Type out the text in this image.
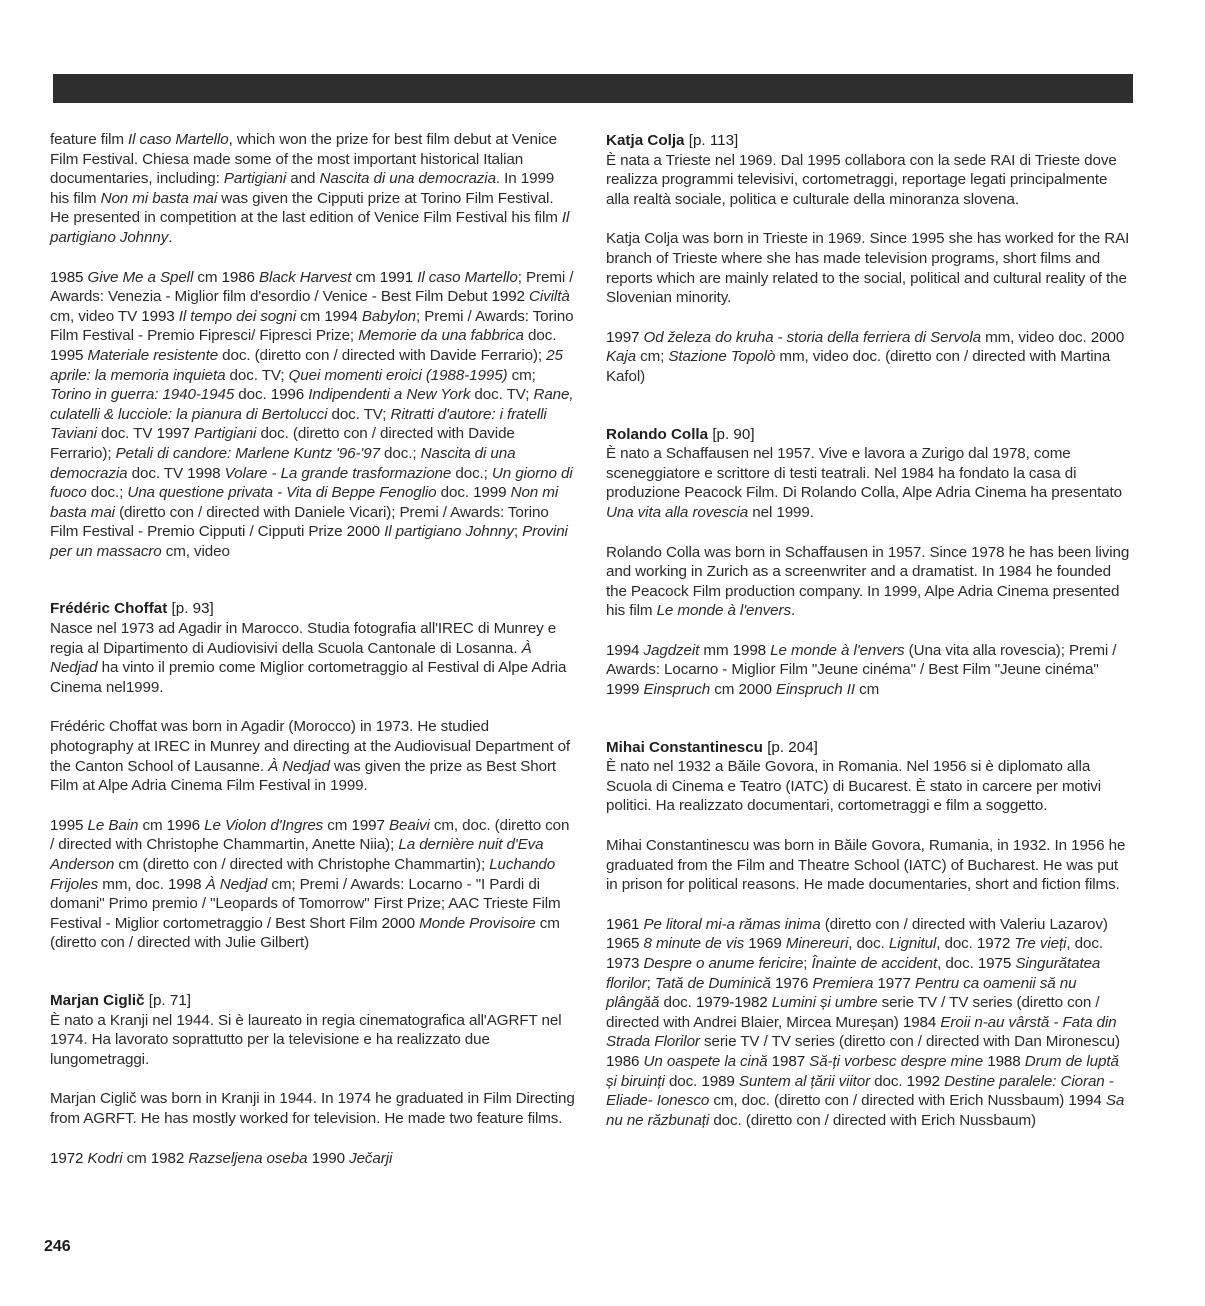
feature film Il caso Martello, which won the prize for best film debut at Venice Film Festival. Chiesa made some of the most important historical Italian documentaries, including: Partigiani and Nascita di una democrazia. In 1999 his film Non mi basta mai was given the Cipputi prize at Torino Film Festival. He presented in competition at the last edition of Venice Film Festival his film Il partigiano Johnny.

1985 Give Me a Spell cm 1986 Black Harvest cm 1991 Il caso Martello; Premi / Awards: Venezia - Miglior film d'esordio / Venice - Best Film Debut 1992 Civiltà cm, video TV 1993 Il tempo dei sogni cm 1994 Babylon; Premi / Awards: Torino Film Festival - Premio Fipresci/ Fipresci Prize; Memorie da una fabbrica doc. 1995 Materiale resistente doc. (diretto con / directed with Davide Ferrario); 25 aprile: la memoria inquieta doc. TV; Quei momenti eroici (1988-1995) cm; Torino in guerra: 1940-1945 doc. 1996 Indipendenti a New York doc. TV; Rane, culatelli & lucciole: la pianura di Bertolucci doc. TV; Ritratti d'autore: i fratelli Taviani doc. TV 1997 Partigiani doc. (diretto con / directed with Davide Ferrario); Petali di candore: Marlene Kuntz '96-'97 doc.; Nascita di una democrazia doc. TV 1998 Volare - La grande trasformazione doc.; Un giorno di fuoco doc.; Una questione privata - Vita di Beppe Fenoglio doc. 1999 Non mi basta mai (diretto con / directed with Daniele Vicari); Premi / Awards: Torino Film Festival - Premio Cipputi / Cipputi Prize 2000 Il partigiano Johnny; Provini per un massacro cm, video

Frédéric Choffat [p. 93]

Nasce nel 1973 ad Agadir in Marocco. Studia fotografia all'IREC di Munrey e regia al Dipartimento di Audiovisivi della Scuola Cantonale di Losanna. À Nedjad ha vinto il premio come Miglior cortometraggio al Festival di Alpe Adria Cinema nel1999.

Frédéric Choffat was born in Agadir (Morocco) in 1973. He studied photography at IREC in Munrey and directing at the Audiovisual Department of the Canton School of Lausanne. À Nedjad was given the prize as Best Short Film at Alpe Adria Cinema Film Festival in 1999.

1995 Le Bain cm 1996 Le Violon d'Ingres cm 1997 Beaivi cm, doc. (diretto con / directed with Christophe Chammartin, Anette Niia); La dernière nuit d'Eva Anderson cm (diretto con / directed with Christophe Chammartin); Luchando Frijoles mm, doc. 1998 À Nedjad cm; Premi / Awards: Locarno - "I Pardi di domani" Primo premio / "Leopards of Tomorrow" First Prize; AAC Trieste Film Festival - Miglior cortometraggio / Best Short Film 2000 Monde Provisoire cm (diretto con / directed with Julie Gilbert)

Marjan Ciglič [p. 71]

È nato a Kranji nel 1944. Si è laureato in regia cinematografica all'AGRFT nel 1974. Ha lavorato soprattutto per la televisione e ha realizzato due lungometraggi.

Marjan Ciglič was born in Kranji in 1944. In 1974 he graduated in Film Directing from AGRFT. He has mostly worked for television. He made two feature films.

1972 Kodri cm 1982 Razseljena oseba 1990 Ječarji

Katja Colja [p. 113]

È nata a Trieste nel 1969. Dal 1995 collabora con la sede RAI di Trieste dove realizza programmi televisivi, cortometraggi, reportage legati principalmente alla realtà sociale, politica e culturale della minoranza slovena.

Katja Colja was born in Trieste in 1969. Since 1995 she has worked for the RAI branch of Trieste where she has made television programs, short films and reports which are mainly related to the social, political and cultural reality of the Slovenian minority.

1997 Od železa do kruha - storia della ferriera di Servola mm, video doc. 2000 Kaja cm; Stazione Topolò mm, video doc. (diretto con / directed with Martina Kafol)

Rolando Colla [p. 90]

È nato a Schaffausen nel 1957. Vive e lavora a Zurigo dal 1978, come sceneggiatore e scrittore di testi teatrali. Nel 1984 ha fondato la casa di produzione Peacock Film. Di Rolando Colla, Alpe Adria Cinema ha presentato Una vita alla rovescia nel 1999.

Rolando Colla was born in Schaffausen in 1957. Since 1978 he has been living and working in Zurich as a screenwriter and a dramatist. In 1984 he founded the Peacock Film production company. In 1999, Alpe Adria Cinema presented his film Le monde à l'envers.

1994 Jagdzeit mm 1998 Le monde à l'envers (Una vita alla rovescia); Premi / Awards: Locarno - Miglior Film "Jeune cinéma" / Best Film "Jeune cinéma" 1999 Einspruch cm 2000 Einspruch II cm

Mihai Constantinescu [p. 204]

È nato nel 1932 a Băile Govora, in Romania. Nel 1956 si è diplomato alla Scuola di Cinema e Teatro (IATC) di Bucarest. È stato in carcere per motivi politici. Ha realizzato documentari, cortometraggi e film a soggetto.

Mihai Constantinescu was born in Băile Govora, Rumania, in 1932. In 1956 he graduated from the Film and Theatre School (IATC) of Bucharest. He was put in prison for political reasons. He made documentaries, short and fiction films.

1961 Pe litoral mi-a rămas inima (diretto con / directed with Valeriu Lazarov) 1965 8 minute de vis 1969 Minereuri, doc. Lignitul, doc. 1972 Tre vieți, doc. 1973 Despre o anume fericire; Înainte de accident, doc. 1975 Singurătatea florilor; Tată de Duminică 1976 Premiera 1977 Pentru ca oamenii să nu plângăă doc. 1979-1982 Lumini și umbre serie TV / TV series (diretto con / directed with Andrei Blaier, Mircea Mureșan) 1984 Eroii n-au vârstă - Fata din Strada Florilor serie TV / TV series (diretto con / directed with Dan Mironescu) 1986 Un oaspete la cină 1987 Să-ți vorbesc despre mine 1988 Drum de luptă și biruinți doc. 1989 Suntem al țării viitor doc. 1992 Destine paralele: Cioran - Eliade- Ionesco cm, doc. (diretto con / directed with Erich Nussbaum) 1994 Sa nu ne răzbunați doc. (diretto con / directed with Erich Nussbaum)

246
